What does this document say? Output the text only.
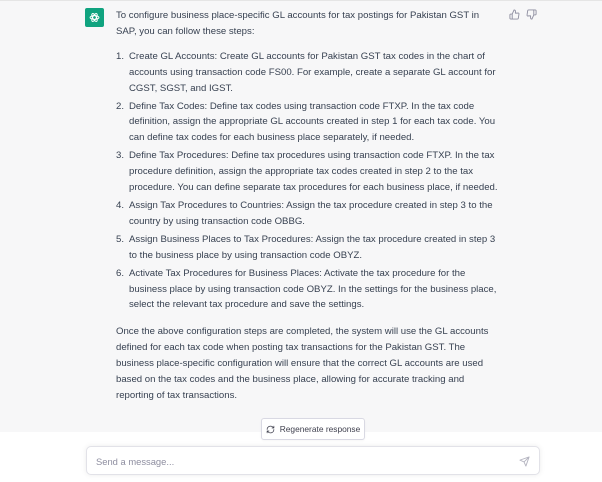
To configure business place-specific GL accounts for tax postings for Pakistan GST in SAP, you can follow these steps:

1. Create GL Accounts: Create GL accounts for Pakistan GST tax codes in the chart of accounts using transaction code FS00. For example, create a separate GL account for CGST, SGST, and IGST.
2. Define Tax Codes: Define tax codes using transaction code FTXP. In the tax code definition, assign the appropriate GL accounts created in step 1 for each tax code. You can define tax codes for each business place separately, if needed.
3. Define Tax Procedures: Define tax procedures using transaction code FTXP. In the tax procedure definition, assign the appropriate tax codes created in step 2 to the tax procedure. You can define separate tax procedures for each business place, if needed.
4. Assign Tax Procedures to Countries: Assign the tax procedure created in step 3 to the country by using transaction code OBBG.
5. Assign Business Places to Tax Procedures: Assign the tax procedure created in step 3 to the business place by using transaction code OBYZ.
6. Activate Tax Procedures for Business Places: Activate the tax procedure for the business place by using transaction code OBYZ. In the settings for the business place, select the relevant tax procedure and save the settings.

Once the above configuration steps are completed, the system will use the GL accounts defined for each tax code when posting tax transactions for the Pakistan GST. The business place-specific configuration will ensure that the correct GL accounts are used based on the tax codes and the business place, allowing for accurate tracking and reporting of tax transactions.

Regenerate response
Send a message...
